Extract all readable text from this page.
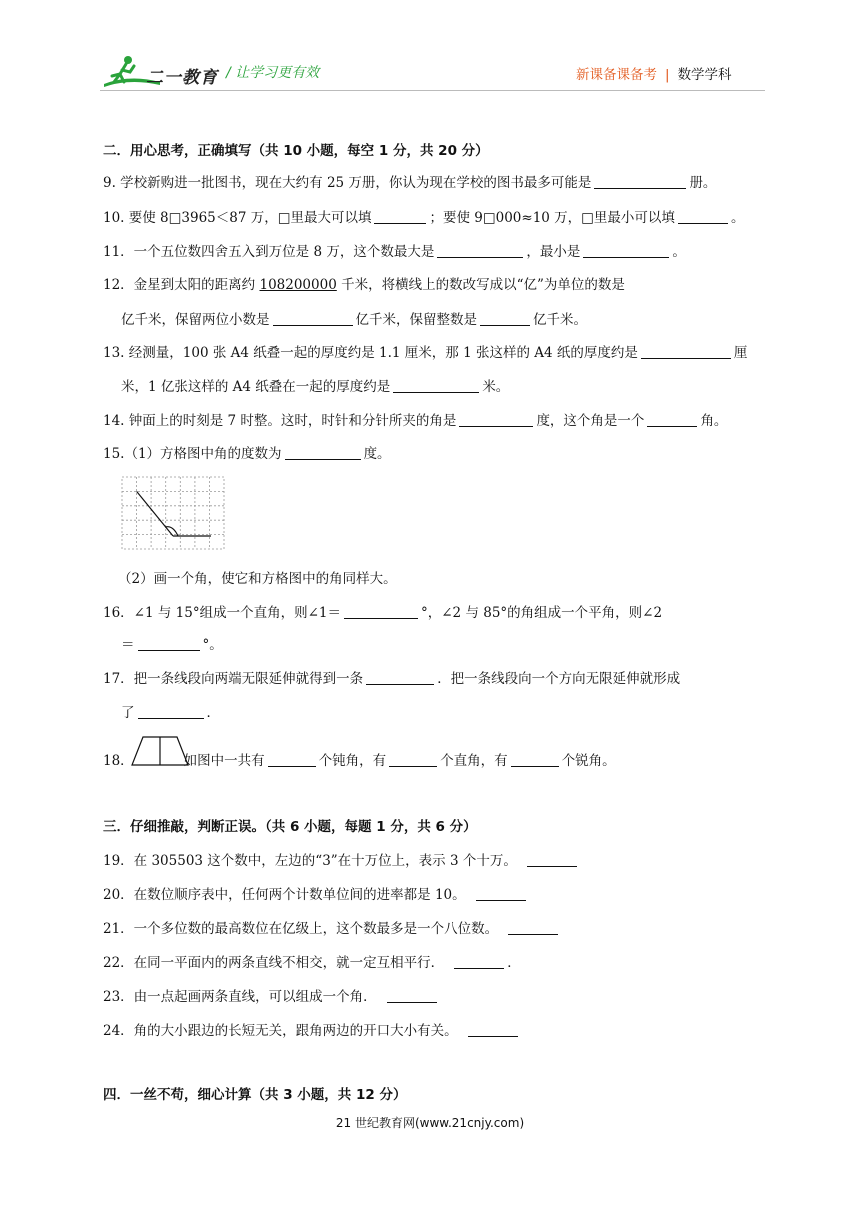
二一教育 / 让学习更有效	新课备课备考 | 数学学科
二．用心思考，正确填写（共 10 小题，每空 1 分，共 20 分）
9. 学校新购进一批图书，现在大约有 25 万册，你认为现在学校的图书最多可能是	册。
10. 要使 8□3965＜87 万，□里最大可以填	；要使 9□000≈10 万，□里最小可以填	。
11．一个五位数四舍五入到万位是 8 万，这个数最大是	，最小是	。
12．金星到太阳的距离约 108200000 千米，将横线上的数改写成以“亿”为单位的数是
亿千米，保留两位小数是	亿千米，保留整数是	亿千米。
13. 经测量，100 张 A4 纸叠一起的厚度约是 1.1 厘米，那 1 张这样的 A4 纸的厚度约是	厘
米，1 亿张这样的 A4 纸叠在一起的厚度约是	米。
14. 钟面上的时刻是 7 时整。这时，时针和分针所夹的角是	度，这个角是一个	角。
15.（1）方格图中角的度数为	度。
（2）画一个角，使它和方格图中的角同样大。
16．∠1 与 15°组成一个直角，则∠1＝	°，∠2 与 85°的角组成一个平角，则∠2
＝	°。
17．把一条线段向两端无限延伸就得到一条	．把一条线段向一个方向无限延伸就形成
了	．
18．	如图中一共有	个钝角，有	个直角，有	个锐角。
三．仔细推敲，判断正误。（共 6 小题，每题 1 分，共 6 分）
19．在 305503 这个数中，左边的“3”在十万位上，表示 3 个十万。
20．在数位顺序表中，任何两个计数单位间的进率都是 10。
21．一个多位数的最高数位在亿级上，这个数最多是一个八位数。
22．在同一平面内的两条直线不相交，就一定互相平行．	．
23．由一点起画两条直线，可以组成一个角．
24．角的大小跟边的长短无关，跟角两边的开口大小有关。
四．一丝不苟，细心计算（共 3 小题，共 12 分）
21 世纪教育网(www.21cnjy.com)
